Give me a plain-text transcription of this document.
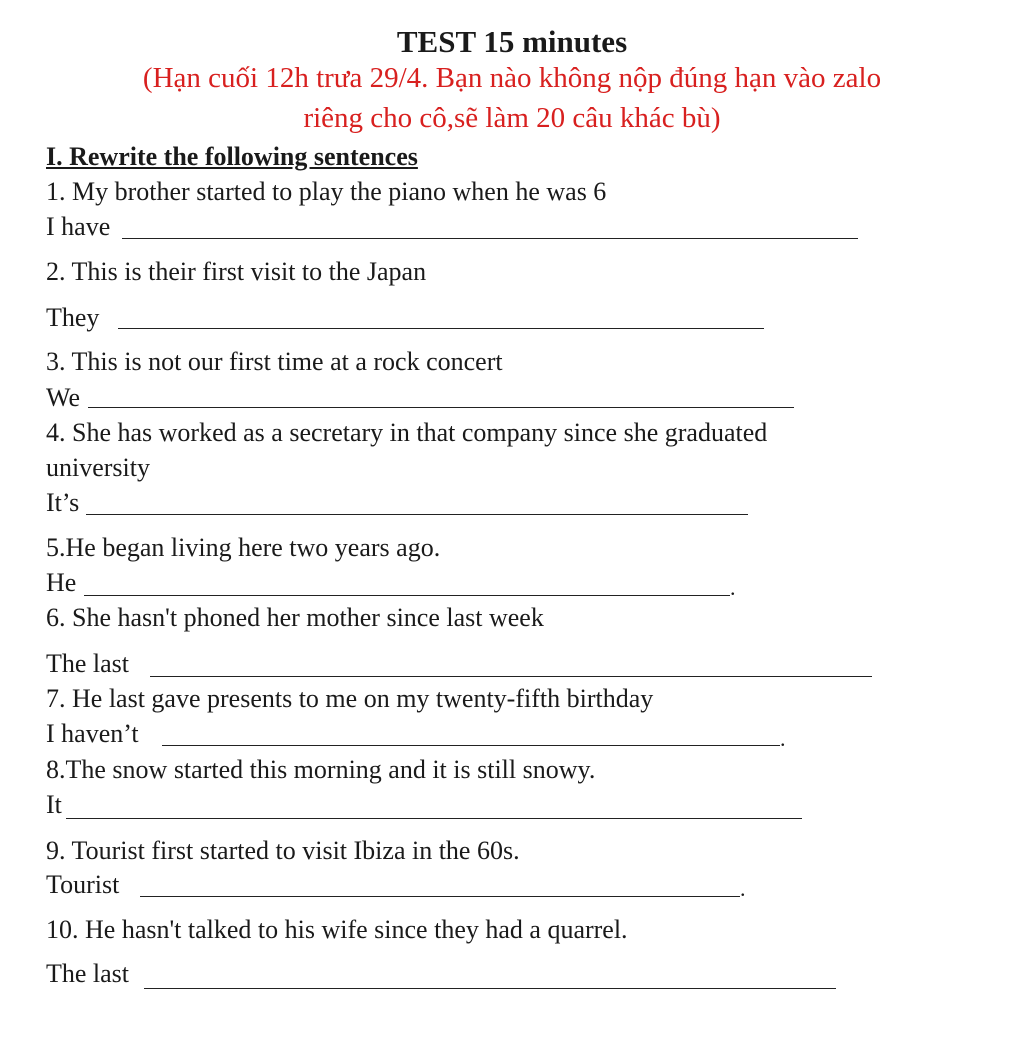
TEST 15 minutes
(Hạn cuối 12h trưa 29/4. Bạn nào không nộp đúng hạn vào zalo
riêng cho cô,sẽ làm 20 câu khác bù)
I. Rewrite the following sentences
1. My brother started to play the piano when he was 6
I have
2. This is their first visit to the Japan
They
3. This is not our first time at a rock concert
We
4. She has worked as a secretary in that company since she graduated
university
It’s
5.He began living here two years ago.
He	.
6. She hasn't phoned her mother since last week
The last
7. He last gave presents to me on my twenty-fifth birthday
I haven’t	.
8.The snow started this morning and it is still snowy.
It
9. Tourist first started to visit Ibiza in the 60s.
Tourist	.
10. He hasn't talked to his wife since they had a quarrel.
The last
